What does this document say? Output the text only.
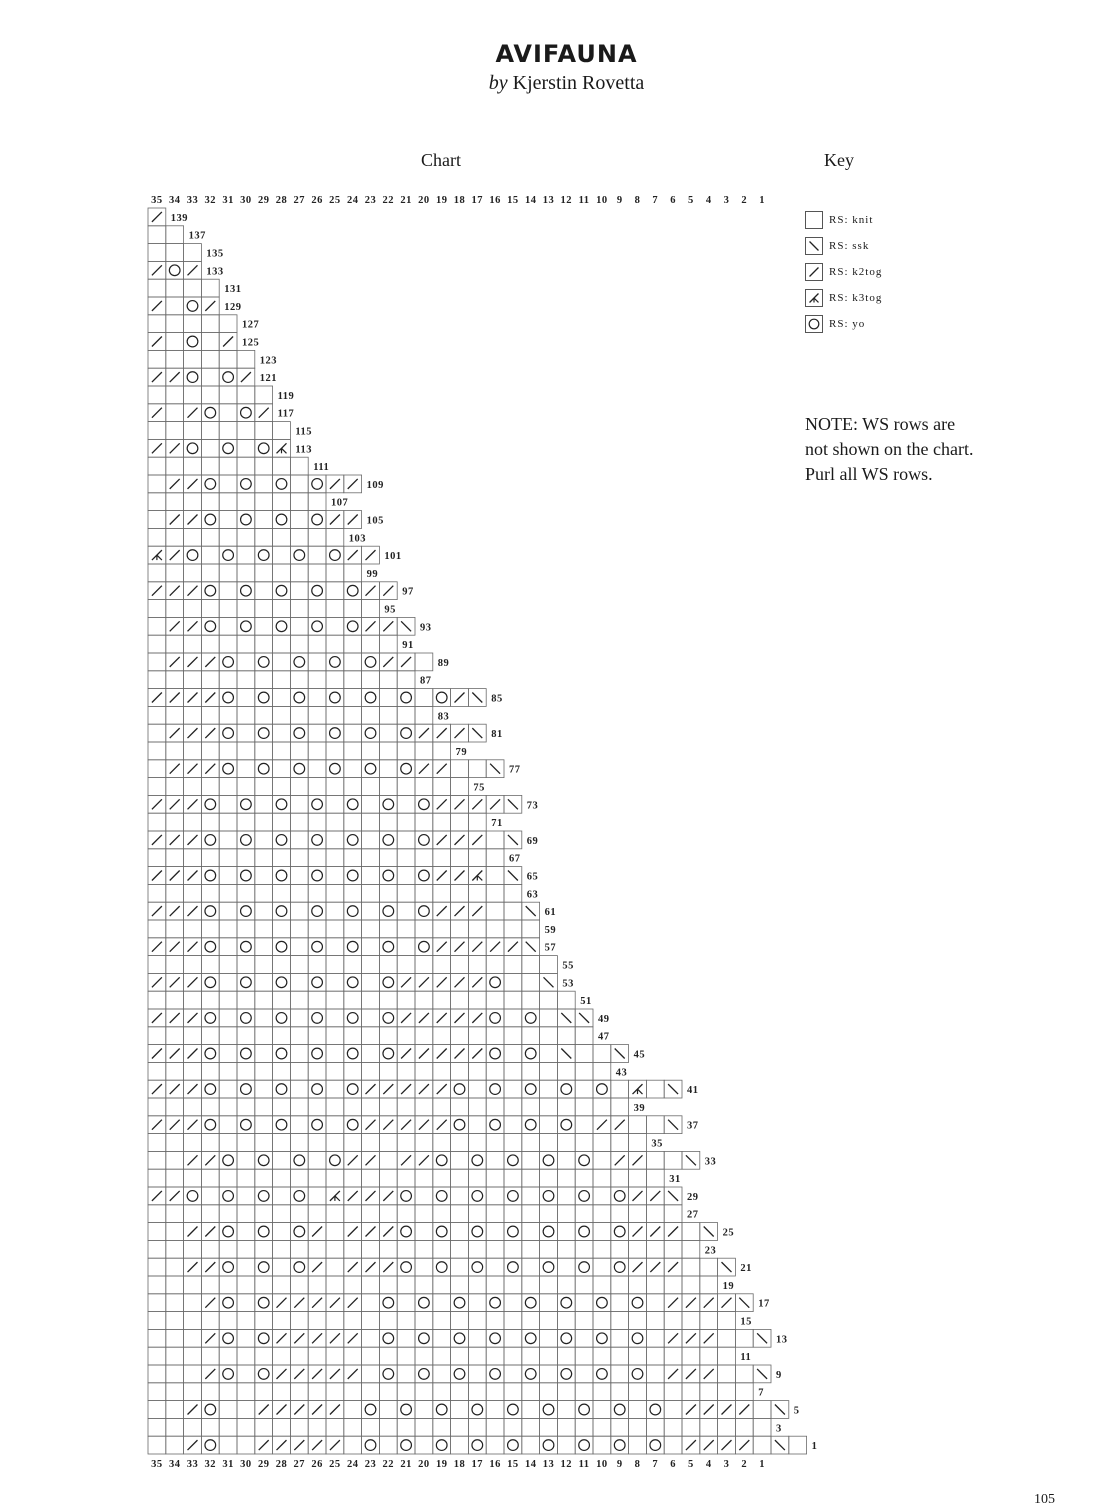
AVIFAUNA
by Kjerstin Rovetta
Chart	Key
RS: knit
RS: ssk
RS: k2tog
RS: k3tog
RS: yo
NOTE: WS rows are
not shown on the chart.
Purl all WS rows.
35
35
34
34
33
33
32
32
31
31
30
30
29
29
28
28
27
27
26
26
25
25
24
24
23
23
22
22
21
21
20
20
19
19
18
18
17
17
16
16
15
15
14
14
13
13
12
12
11
11
10
10
9
9
8
8
7
7
6
6
5
5
4
4
3
3
2
2
1
1
1
3
5
7
9
11
13
15
17
19
21
23
25
27
29
31
33
35
37
39
41
43
45
47
49
51
53
55
57
59
61
63
65
67
69
71
73
75
77
79
81
83
85
87
89
91
93
95
97
99
101
103
105
107
109
111
113
115
117
119
121
123
125
127
129
131
133
135
137
139
105
